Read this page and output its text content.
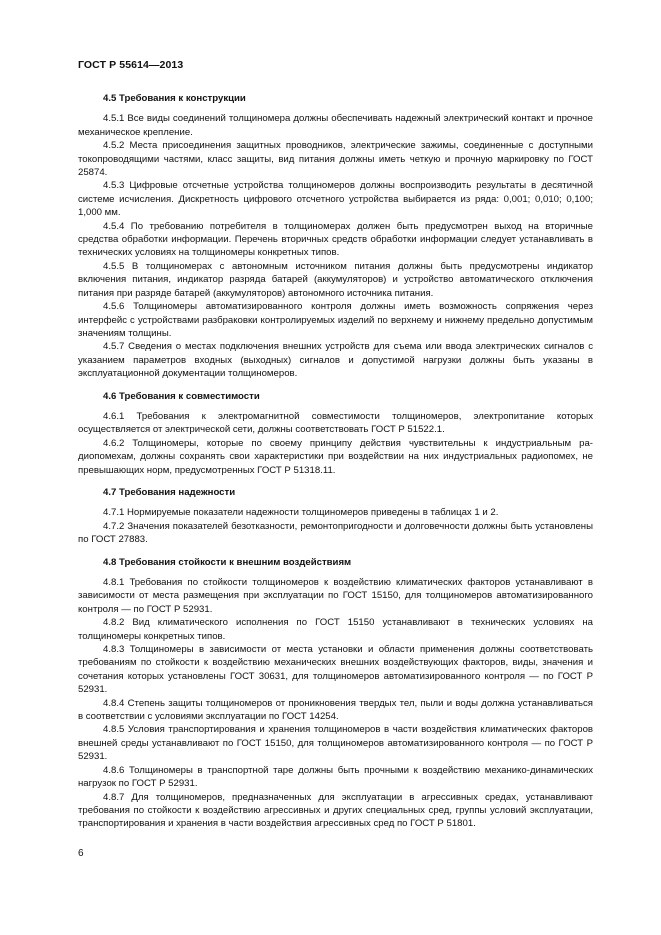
ГОСТ Р 55614—2013
4.5 Требования к конструкции

4.5.1 Все виды соединений толщиномера должны обеспечивать надежный электрический контакт и прочное механическое крепление.

4.5.2 Места присоединения защитных проводников, электрические зажимы, соединенные с доступными токопроводящими частями, класс защиты, вид питания должны иметь четкую и прочную маркировку по ГОСТ 25874.

4.5.3 Цифровые отсчетные устройства толщиномеров должны воспроизводить результаты в десятичной системе исчисления. Дискретность цифрового отсчетного устройства выбирается из ряда: 0,001; 0,010; 0,100; 1,000 мм.

4.5.4 По требованию потребителя в толщиномерах должен быть предусмотрен выход на вторичные средства обработки информации. Перечень вторичных средств обработки информации следует устанавливать в технических условиях на толщиномеры конкретных типов.

4.5.5 В толщиномерах с автономным источником питания должны быть предусмотрены индикатор включения питания, индикатор разряда батарей (аккумуляторов) и устройство автоматического отключения питания при разряде батарей (аккумуляторов) автономного источника питания.

4.5.6 Толщиномеры автоматизированного контроля должны иметь возможность сопряжения через интерфейс с устройствами разбраковки контролируемых изделий по верхнему и нижнему предельно допустимым значениям толщины.

4.5.7 Сведения о местах подключения внешних устройств для съема или ввода электрических сигналов с указанием параметров входных (выходных) сигналов и допустимой нагрузки должны быть указаны в эксплуатационной документации толщиномеров.

4.6 Требования к совместимости

4.6.1 Требования к электромагнитной совместимости толщиномеров, электропитание которых осуществляется от электрической сети, должны соответствовать ГОСТ Р 51522.1.

4.6.2 Толщиномеры, которые по своему принципу действия чувствительны к индустриальным радиопомехам, должны сохранять свои характеристики при воздействии на них индустриальных радиопомех, не превышающих норм, предусмотренных ГОСТ Р 51318.11.

4.7 Требования надежности

4.7.1 Нормируемые показатели надежности толщиномеров приведены в таблицах 1 и 2.

4.7.2 Значения показателей безотказности, ремонтопригодности и долговечности должны быть установлены по ГОСТ 27883.

4.8 Требования стойкости к внешним воздействиям

4.8.1 Требования по стойкости толщиномеров к воздействию климатических факторов устанавливают в зависимости от места размещения при эксплуатации по ГОСТ 15150, для толщиномеров автоматизированного контроля — по ГОСТ Р 52931.

4.8.2 Вид климатического исполнения по ГОСТ 15150 устанавливают в технических условиях на толщиномеры конкретных типов.

4.8.3 Толщиномеры в зависимости от места установки и области применения должны соответствовать требованиям по стойкости к воздействию механических внешних воздействующих факторов, виды, значения и сочетания которых установлены ГОСТ 30631, для толщиномеров автоматизированного контроля — по ГОСТ Р 52931.

4.8.4 Степень защиты толщиномеров от проникновения твердых тел, пыли и воды должна устанавливаться в соответствии с условиями эксплуатации по ГОСТ 14254.

4.8.5 Условия транспортирования и хранения толщиномеров в части воздействия климатических факторов внешней среды устанавливают по ГОСТ 15150, для толщиномеров автоматизированного контроля — по ГОСТ Р 52931.

4.8.6 Толщиномеры в транспортной таре должны быть прочными к воздействию механико-динамических нагрузок по ГОСТ Р 52931.

4.8.7 Для толщиномеров, предназначенных для эксплуатации в агрессивных средах, устанавливают требования по стойкости к воздействию агрессивных и других специальных сред, группы условий эксплуатации, транспортирования и хранения в части воздействия агрессивных сред по ГОСТ Р 51801.

6
